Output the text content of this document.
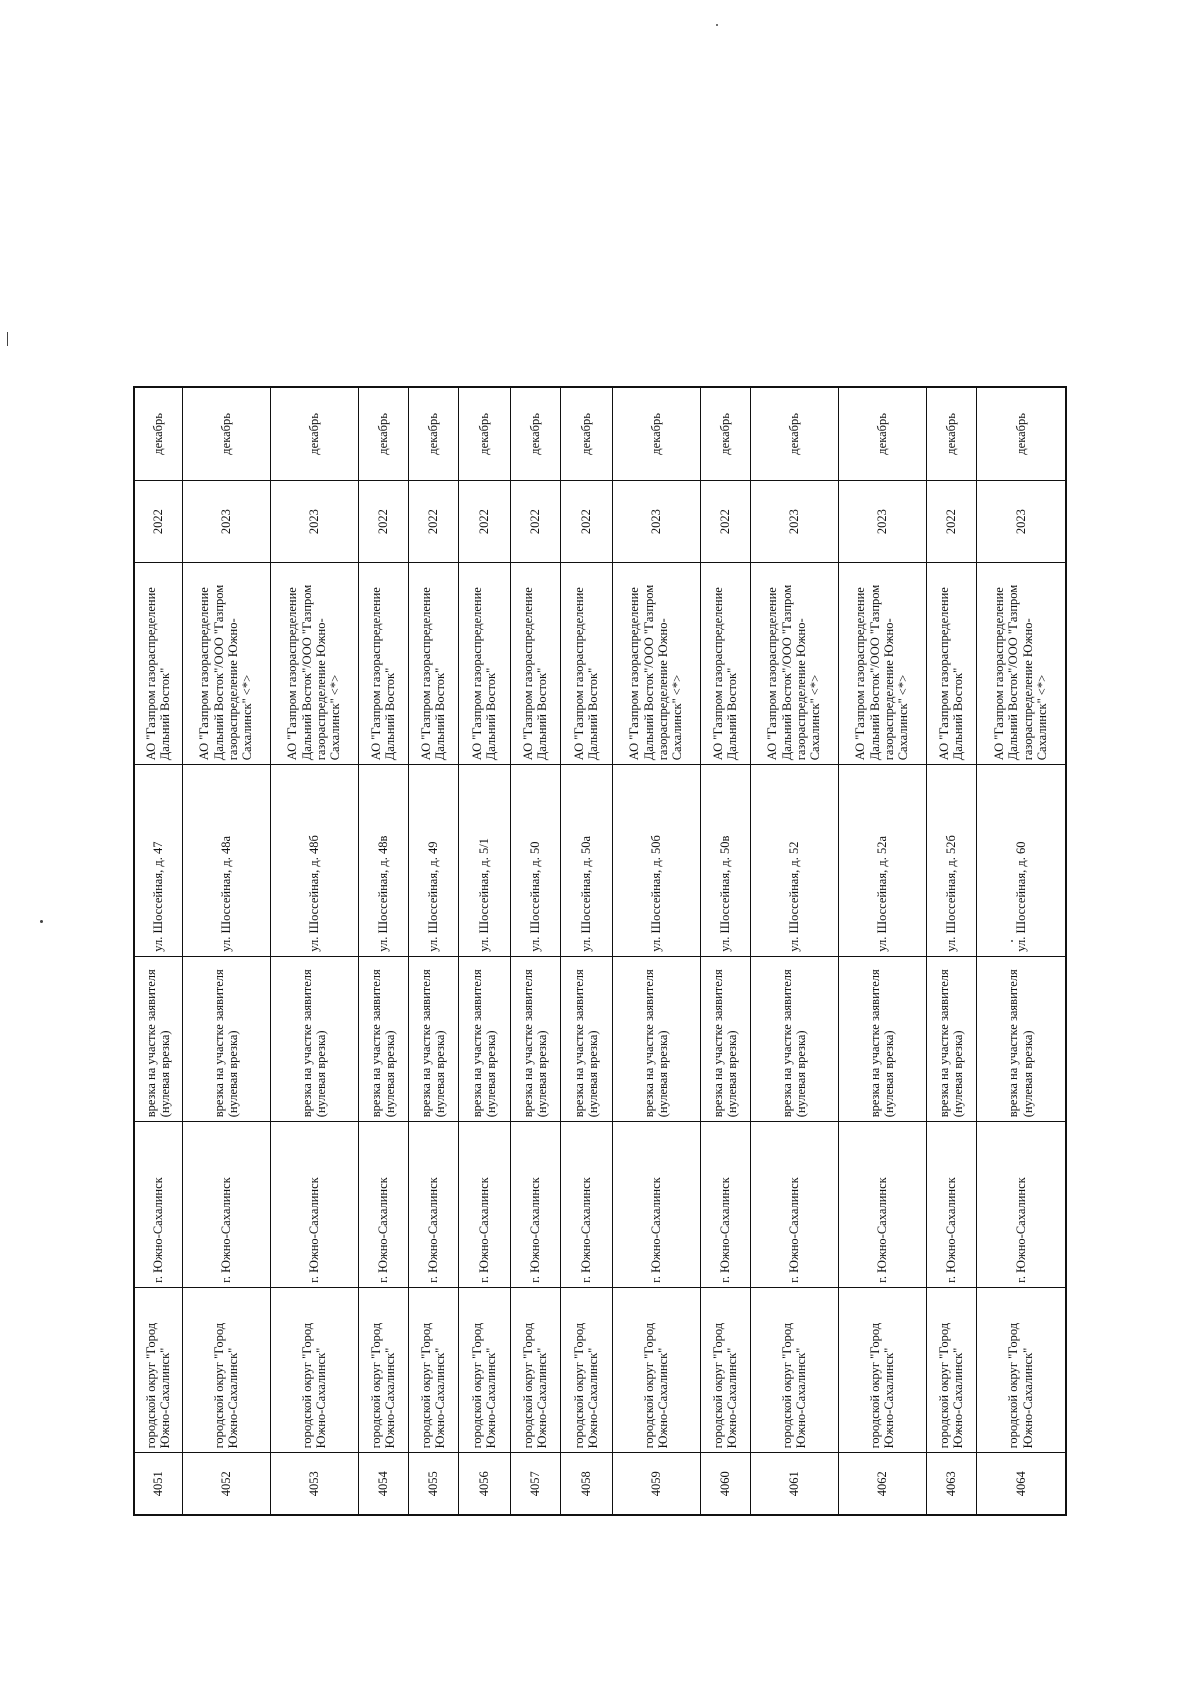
4051	городской округ "Город Южно-Сахалинск"	г. Южно-Сахалинск	врезка на участке заявителя (нулевая врезка)	ул. Шоссейная, д. 47	АО "Газпром газораспределение Дальний Восток"	2022	декабрь
4052	городской округ "Город Южно-Сахалинск"	г. Южно-Сахалинск	врезка на участке заявителя (нулевая врезка)	ул. Шоссейная, д. 48а	АО "Газпром газораспределение Дальний Восток"/ООО "Газпром газораспределение Южно-Сахалинск" <*>	2023	декабрь
4053	городской округ "Город Южно-Сахалинск"	г. Южно-Сахалинск	врезка на участке заявителя (нулевая врезка)	ул. Шоссейная, д. 48б	АО "Газпром газораспределение Дальний Восток"/ООО "Газпром газораспределение Южно-Сахалинск" <*>	2023	декабрь
4054	городской округ "Город Южно-Сахалинск"	г. Южно-Сахалинск	врезка на участке заявителя (нулевая врезка)	ул. Шоссейная, д. 48в	АО "Газпром газораспределение Дальний Восток"	2022	декабрь
4055	городской округ "Город Южно-Сахалинск"	г. Южно-Сахалинск	врезка на участке заявителя (нулевая врезка)	ул. Шоссейная, д. 49	АО "Газпром газораспределение Дальний Восток"	2022	декабрь
4056	городской округ "Город Южно-Сахалинск"	г. Южно-Сахалинск	врезка на участке заявителя (нулевая врезка)	ул. Шоссейная, д. 5/1	АО "Газпром газораспределение Дальний Восток"	2022	декабрь
4057	городской округ "Город Южно-Сахалинск"	г. Южно-Сахалинск	врезка на участке заявителя (нулевая врезка)	ул. Шоссейная, д. 50	АО "Газпром газораспределение Дальний Восток"	2022	декабрь
4058	городской округ "Город Южно-Сахалинск"	г. Южно-Сахалинск	врезка на участке заявителя (нулевая врезка)	ул. Шоссейная, д. 50а	АО "Газпром газораспределение Дальний Восток"	2022	декабрь
4059	городской округ "Город Южно-Сахалинск"	г. Южно-Сахалинск	врезка на участке заявителя (нулевая врезка)	ул. Шоссейная, д. 50б	АО "Газпром газораспределение Дальний Восток"/ООО "Газпром газораспределение Южно-Сахалинск" <*>	2023	декабрь
4060	городской округ "Город Южно-Сахалинск"	г. Южно-Сахалинск	врезка на участке заявителя (нулевая врезка)	ул. Шоссейная, д. 50в	АО "Газпром газораспределение Дальний Восток"	2022	декабрь
4061	городской округ "Город Южно-Сахалинск"	г. Южно-Сахалинск	врезка на участке заявителя (нулевая врезка)	ул. Шоссейная, д. 52	АО "Газпром газораспределение Дальний Восток"/ООО "Газпром газораспределение Южно-Сахалинск" <*>	2023	декабрь
4062	городской округ "Город Южно-Сахалинск"	г. Южно-Сахалинск	врезка на участке заявителя (нулевая врезка)	ул. Шоссейная, д. 52а	АО "Газпром газораспределение Дальний Восток"/ООО "Газпром газораспределение Южно-Сахалинск" <*>	2023	декабрь
4063	городской округ "Город Южно-Сахалинск"	г. Южно-Сахалинск	врезка на участке заявителя (нулевая врезка)	ул. Шоссейная, д. 52б	АО "Газпром газораспределение Дальний Восток"	2022	декабрь
4064	городской округ "Город Южно-Сахалинск"	г. Южно-Сахалинск	врезка на участке заявителя (нулевая врезка)	ул. Шоссейная, д. 60	АО "Газпром газораспределение Дальний Восток"/ООО "Газпром газораспределение Южно-Сахалинск" <*>	2023	декабрь
